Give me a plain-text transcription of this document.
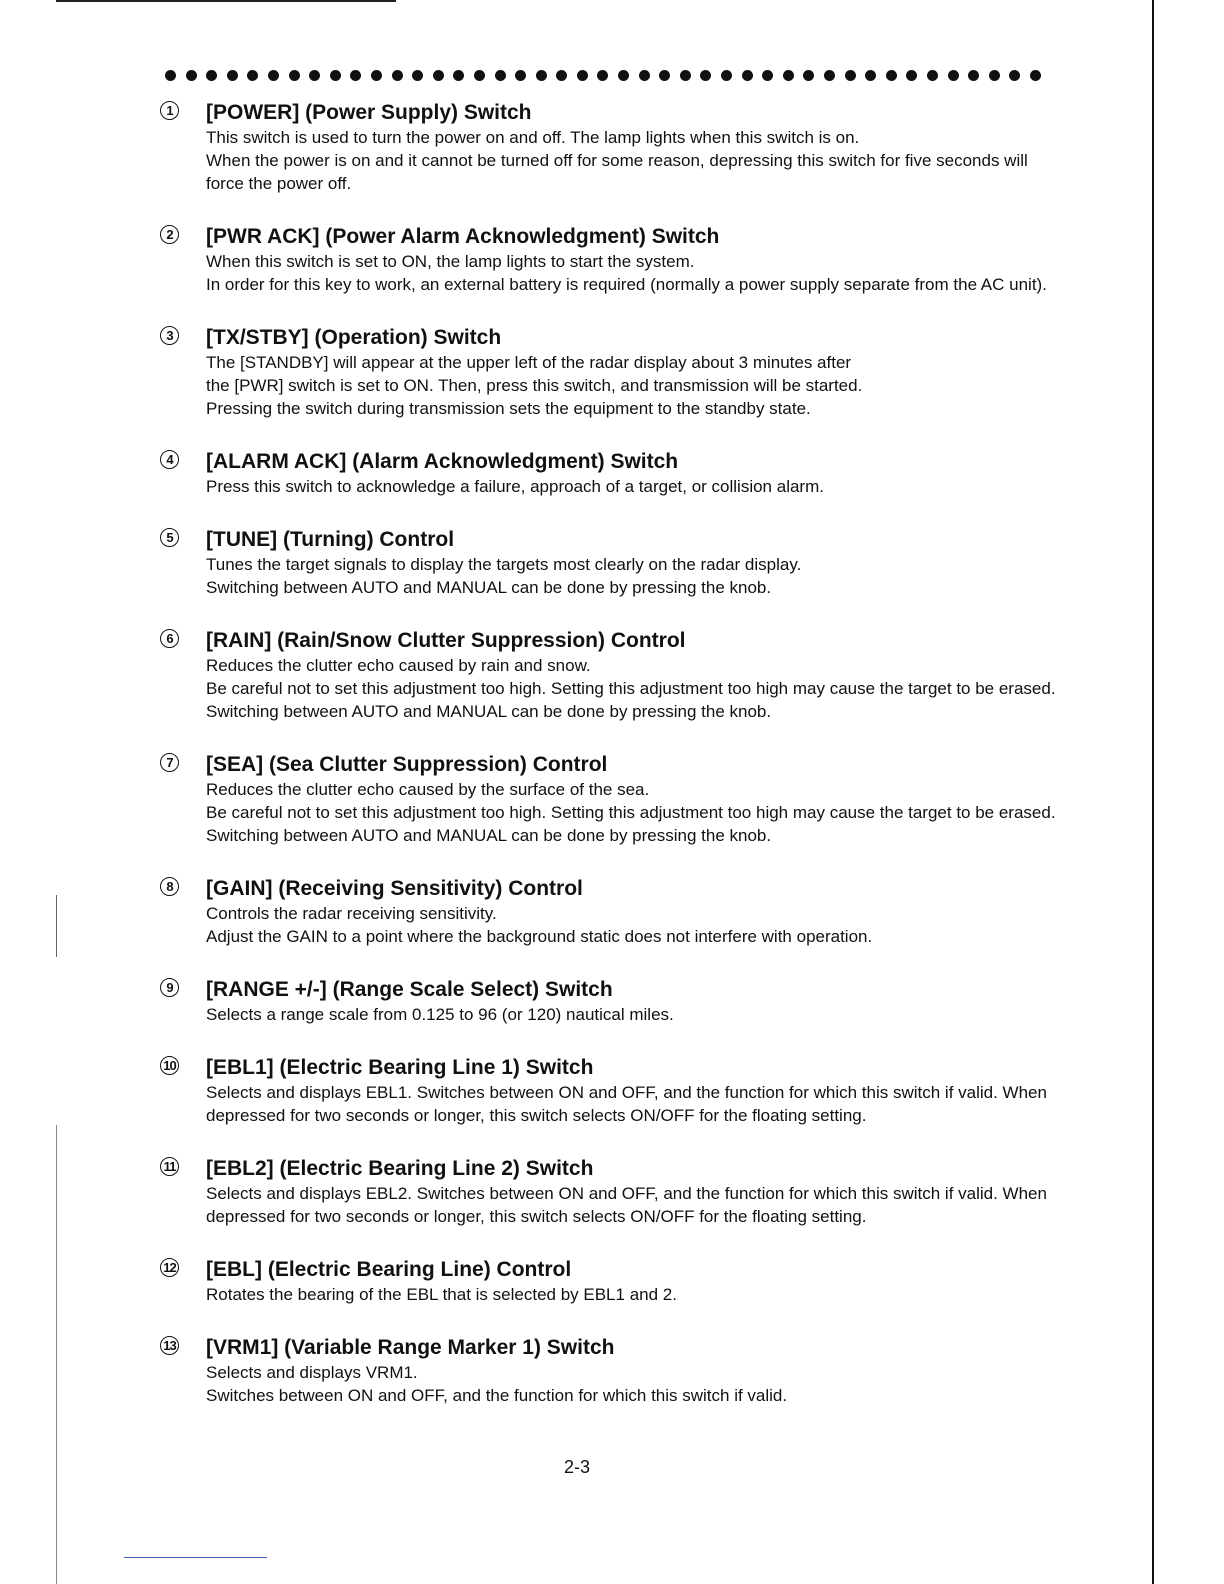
1	[POWER] (Power Supply) Switch

This switch is used to turn the power on and off. The lamp lights when this switch is on.

When the power is on and it cannot be turned off for some reason, depressing this switch for five seconds will force the power off.

2	[PWR ACK] (Power Alarm Acknowledgment) Switch

When this switch is set to ON, the lamp lights to start the system.

In order for this key to work, an external battery is required (normally a power supply separate from the AC unit).

3	[TX/STBY] (Operation) Switch

The [STANDBY] will appear at the upper left of the radar display about 3 minutes after

the [PWR] switch is set to ON. Then, press this switch, and transmission will be started.

Pressing the switch during transmission sets the equipment to the standby state.

4	[ALARM ACK] (Alarm Acknowledgment) Switch

Press this switch to acknowledge a failure, approach of a target, or collision alarm.

5	[TUNE] (Turning) Control

Tunes the target signals to display the targets most clearly on the radar display.

Switching between AUTO and MANUAL can be done by pressing the knob.

6	[RAIN] (Rain/Snow Clutter Suppression) Control

Reduces the clutter echo caused by rain and snow.

Be careful not to set this adjustment too high. Setting this adjustment too high may cause the target to be erased. Switching between AUTO and MANUAL can be done by pressing the knob.

7	[SEA] (Sea Clutter Suppression) Control

Reduces the clutter echo caused by the surface of the sea.

Be careful not to set this adjustment too high. Setting this adjustment too high may cause the target to be erased. Switching between AUTO and MANUAL can be done by pressing the knob.

8	[GAIN] (Receiving Sensitivity) Control

Controls the radar receiving sensitivity.

Adjust the GAIN to a point where the background static does not interfere with operation.

9	[RANGE +/-] (Range Scale Select) Switch

Selects a range scale from 0.125 to 96 (or 120) nautical miles.

10 [EBL1] (Electric Bearing Line 1) Switch

Selects and displays EBL1. Switches between ON and OFF, and the function for which this switch if valid. When depressed for two seconds or longer, this switch selects ON/OFF for the floating setting.

11 [EBL2] (Electric Bearing Line 2) Switch

Selects and displays EBL2. Switches between ON and OFF, and the function for which this switch if valid. When depressed for two seconds or longer, this switch selects ON/OFF for the floating setting.

12 [EBL] (Electric Bearing Line) Control

Rotates the bearing of the EBL that is selected by EBL1 and 2.

13 [VRM1] (Variable Range Marker 1) Switch

Selects and displays VRM1.

Switches between ON and OFF, and the function for which this switch if valid.

2-3
